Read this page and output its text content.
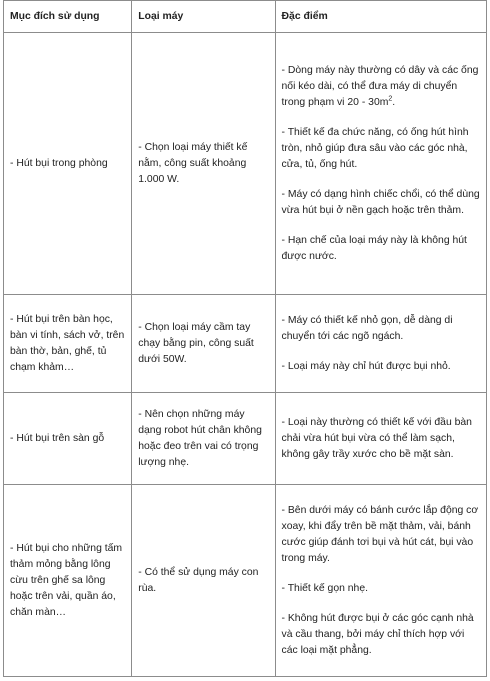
Mục đích sử dụng	Loại máy	Đặc điểm
- Hút bụi trong phòng	- Chọn loại máy thiết kế nằm, công suất khoảng 1.000 W.	- Dòng máy này thường có dây và các ống nối kéo dài, có thể đưa máy di chuyển trong phạm vi $20 - 30m^2$.

- Thiết kế đa chức năng, có ống hút hình tròn, nhỏ giúp đưa sâu vào các góc nhà, cửa, tủ, ống hút.

- Máy có dạng hình chiếc chổi, có thể dùng vừa hút bụi ở nền gạch hoặc trên thảm.

- Hạn chế của loại máy này là không hút được nước.

- Hút bụi trên bàn học, bàn vi tính, sách vở, trên bàn thờ, bản, ghế, tủ chạm khảm…	- Chọn loại máy cầm tay chạy bằng pin, công suất dưới 50W.	- Máy có thiết kế nhỏ gọn, dễ dàng di chuyển tới các ngõ ngách.

- Loại máy này chỉ hút được bụi nhỏ.

- Hút bụi trên sàn gỗ	- Nên chọn những máy dạng robot hút chân không hoặc đeo trên vai có trọng lượng nhẹ.	- Loại này thường có thiết kế với đầu bàn chải vừa hút bụi vừa có thể làm sạch, không gây trầy xước cho bề mặt sàn.

- Hút bụi cho những tấm thảm mỏng bằng lông cừu trên ghế sa lông hoặc trên vải, quần áo, chăn màn…	- Có thể sử dụng máy con rùa.	- Bên dưới máy có bánh cước lắp động cơ xoay, khi đẩy trên bề mặt thảm, vải, bánh cước giúp đánh tơi bụi và hút cát, bụi vào trong máy.

- Thiết kế gọn nhẹ.

- Không hút được bụi ở các góc cạnh nhà và cầu thang, bởi máy chỉ thích hợp với các loại mặt phẳng.
